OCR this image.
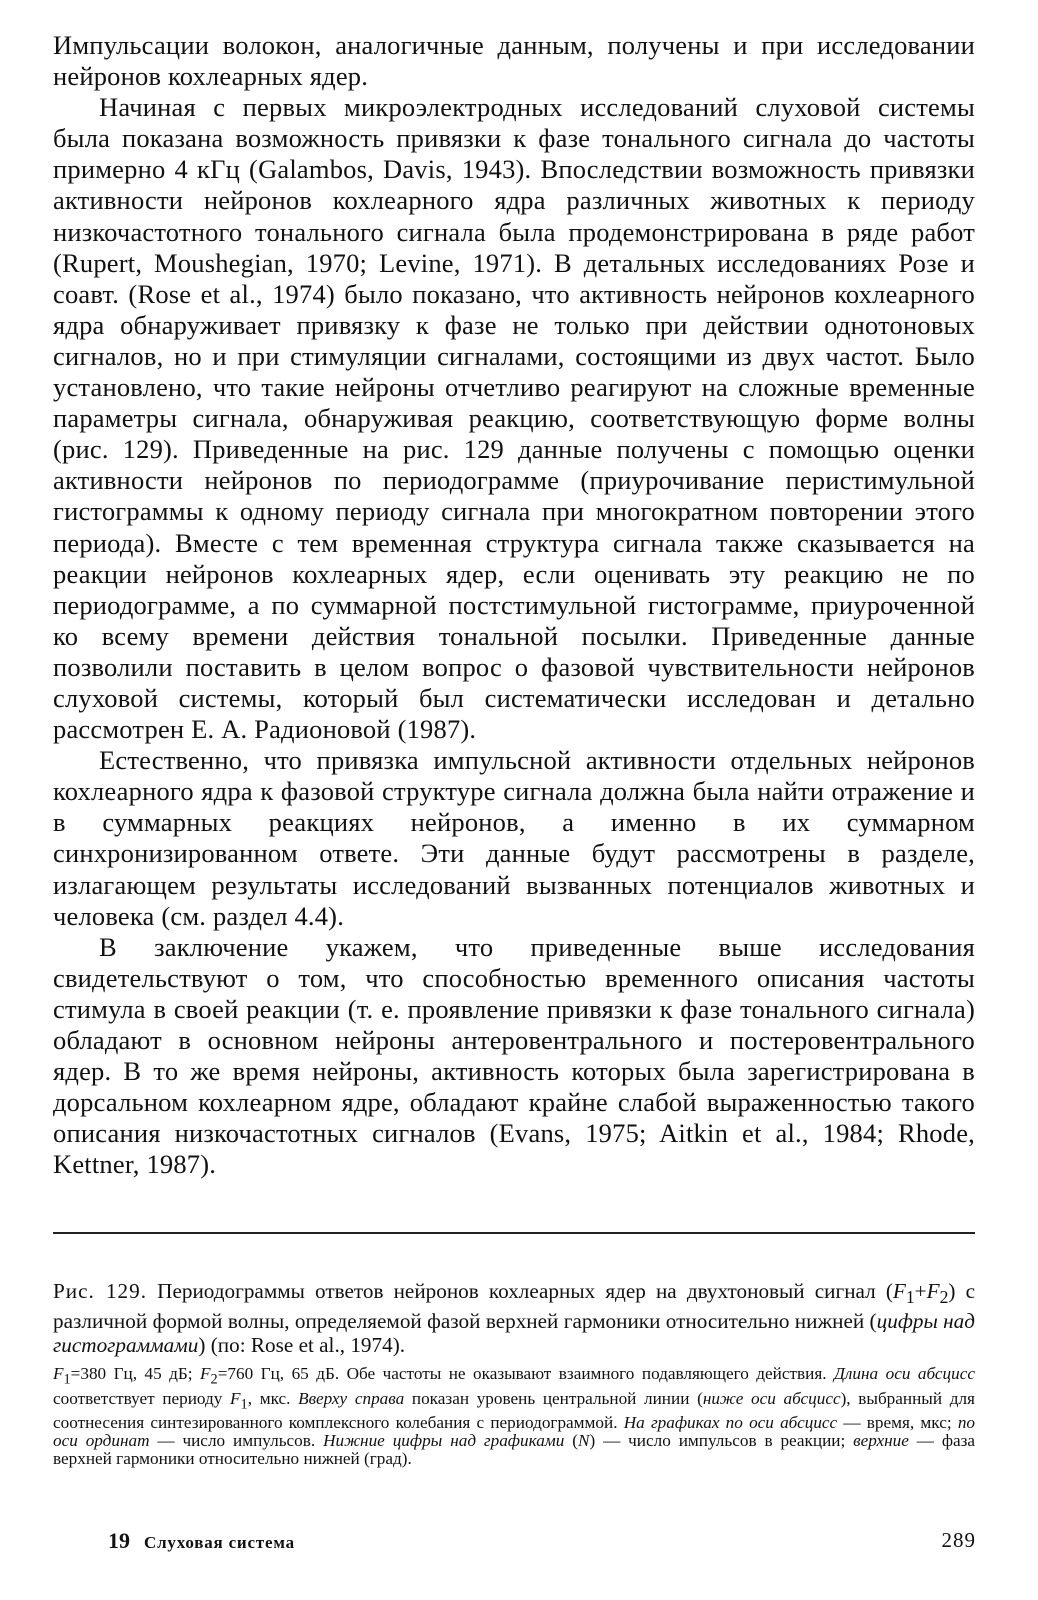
Импульсации волокон, аналогичные данным, получены и при исследовании нейронов кохлеарных ядер.

Начиная с первых микроэлектродных исследований слуховой системы была показана возможность привязки к фазе тонального сигнала до частоты примерно 4 кГц (Galambos, Davis, 1943). Впоследствии возможность привязки активности нейронов кохлеарного ядра различных животных к периоду низкочастотного тонального сигнала была продемонстрирована в ряде работ (Rupert, Moushegian, 1970; Levine, 1971). В детальных исследованиях Розе и соавт. (Rose et al., 1974) было показано, что активность нейронов кохлеарного ядра обнаруживает привязку к фазе не только при действии однотоновых сигналов, но и при стимуляции сигналами, состоящими из двух частот. Было установлено, что такие нейроны отчетливо реагируют на сложные временные параметры сигнала, обнаруживая реакцию, соответствующую форме волны (рис. 129). Приведенные на рис. 129 данные получены с помощью оценки активности нейронов по периодограмме (приурочивание перистимульной гистограммы к одному периоду сигнала при многократном повторении этого периода). Вместе с тем временная структура сигнала также сказывается на реакции нейронов кохлеарных ядер, если оценивать эту реакцию не по периодограмме, а по суммарной постстимульной гистограмме, приуроченной ко всему времени действия тональной посылки. Приведенные данные позволили поставить в целом вопрос о фазовой чувствительности нейронов слуховой системы, который был систематически исследован и детально рассмотрен Е. А. Радионовой (1987).

Естественно, что привязка импульсной активности отдельных нейронов кохлеарного ядра к фазовой структуре сигнала должна была найти отражение и в суммарных реакциях нейронов, а именно в их суммарном синхронизированном ответе. Эти данные будут рассмотрены в разделе, излагающем результаты исследований вызванных потенциалов животных и человека (см. раздел 4.4).

В заключение укажем, что приведенные выше исследования свидетельствуют о том, что способностью временного описания частоты стимула в своей реакции (т. е. проявление привязки к фазе тонального сигнала) обладают в основном нейроны антеровентрального и постеровентрального ядер. В то же время нейроны, активность которых была зарегистрирована в дорсальном кохлеарном ядре, обладают крайне слабой выраженностью такого описания низкочастотных сигналов (Evans, 1975; Aitkin et al., 1984; Rhode, Kettner, 1987).

Рис. 129. Периодограммы ответов нейронов кохлеарных ядер на двухтоновый сигнал $(F_1+F_2)$ с различной формой волны, определяемой фазой верхней гармоники относительно нижней (цифры над гистограммами) (по: Rose et al., 1974).
$F_1=380$ Гц, 45 дБ; $F_2=760$ Гц, 65 дБ. Обе частоты не оказывают взаимного подавляющего действия. Длина оси абсцисс соответствует периоду $F_1$, мкс. Вверху справа показан уровень центральной линии (ниже оси абсцисс), выбранный для соотнесения синтезированного комплексного колебания с периодограммой. На графиках по оси абсцисс — время, мкс; по оси ординат — число импульсов. Нижние цифры над графиками (N) — число импульсов в реакции; верхние — фаза верхней гармоники относительно нижней (град).
19 Слуховая система	289
